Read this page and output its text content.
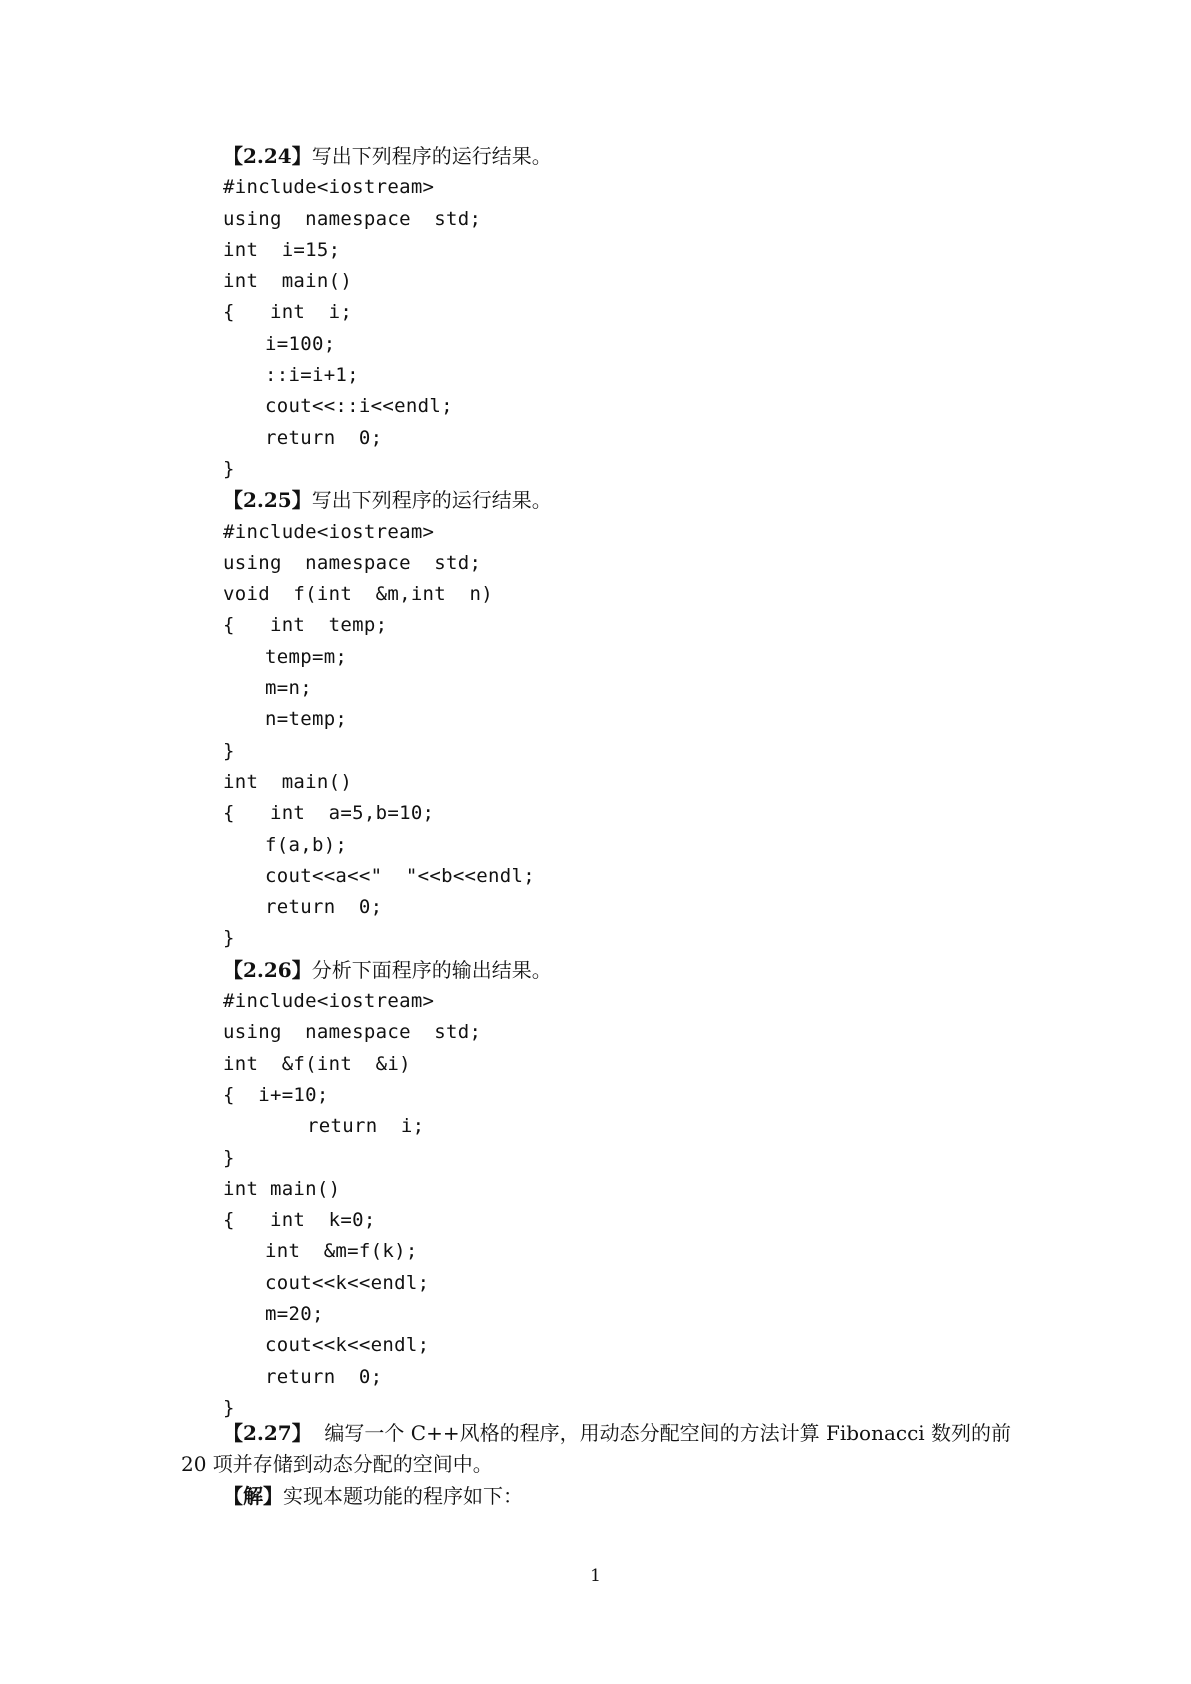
【2.24】写出下列程序的运行结果。
#include<iostream>
using  namespace  std;
int  i=15;
int  main()
{   int  i;
i=100;
::i=i+1;
cout<<::i<<endl;
return  0;
}
【2.25】写出下列程序的运行结果。
#include<iostream>
using  namespace  std;
void  f(int  &m,int  n)
{   int  temp;
temp=m;
m=n;
n=temp;
}
int  main()
{   int  a=5,b=10;
f(a,b);
cout<<a<<"  "<<b<<endl;
return  0;
}
【2.26】分析下面程序的输出结果。
#include<iostream>
using  namespace  std;
int  &f(int  &i)
{  i+=10;
return  i;
}
int main()
{   int  k=0;
int  &m=f(k);
cout<<k<<endl;
m=20;
cout<<k<<endl;
return  0;
}
【2.27】  编写一个 C++风格的程序，用动态分配空间的方法计算 Fibonacci 数列的前
20 项并存储到动态分配的空间中。
【解】实现本题功能的程序如下：
1
